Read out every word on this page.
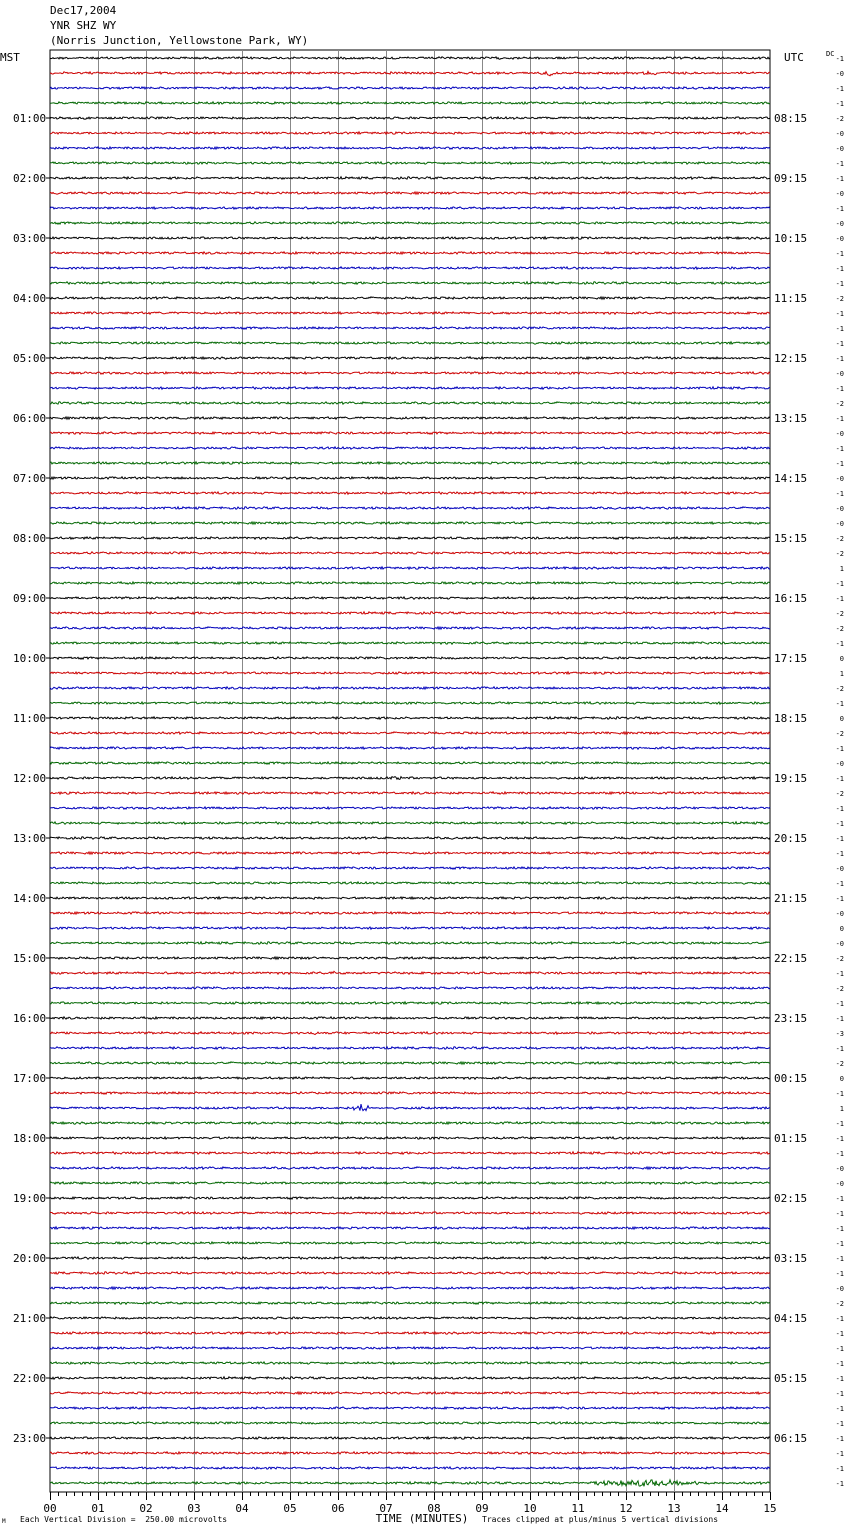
Dec17,2004
YNR SHZ WY
(Norris Junction, Yellowstone Park, WY)
MST	UTC
01:00
02:00
03:00
04:00
05:00
06:00
07:00
08:00
09:00
10:00
11:00
12:00
13:00
14:00
15:00
16:00
17:00
18:00
19:00
20:00
21:00
22:00
23:00
08:15
09:15
10:15
11:15
12:15
13:15
14:15
15:15
16:15
17:15
18:15
19:15
20:15
21:15
22:15
23:15
00:15
01:15
02:15
03:15
04:15
05:15
06:15
DC
-1
-0
-1
-1
-2
-0
-0
-1
-1
-0
-1
-0
-0
-1
-1
-1
-2
-1
-1
-1
-1
-0
-1
-2
-1
-0
-1
-1
-0
-1
-0
-0
-2
-2
1
-1
-1
-2
-2
-1
0
1
-2
-1
0
-2
-1
-0
-1
-2
-1
-1
-1
-1
-0
-1
-1
-0
0
-0
-2
-1
-2
-1
-1
-3
-1
-2
0
-1
1
-1
-1
-1
-0
-0
-1
-1
-1
-1
-1
-1
-0
-2
-1
-1
-1
-1
-1
-1
-1
-1
-1
-1
-1
-1
00	01	02	03	04	05	06	07	08	09	10	11	12	13	14	15
TIME (MINUTES)
Each Vertical Division =  250.00 microvolts	Traces clipped at plus/minus 5 vertical divisions
M
